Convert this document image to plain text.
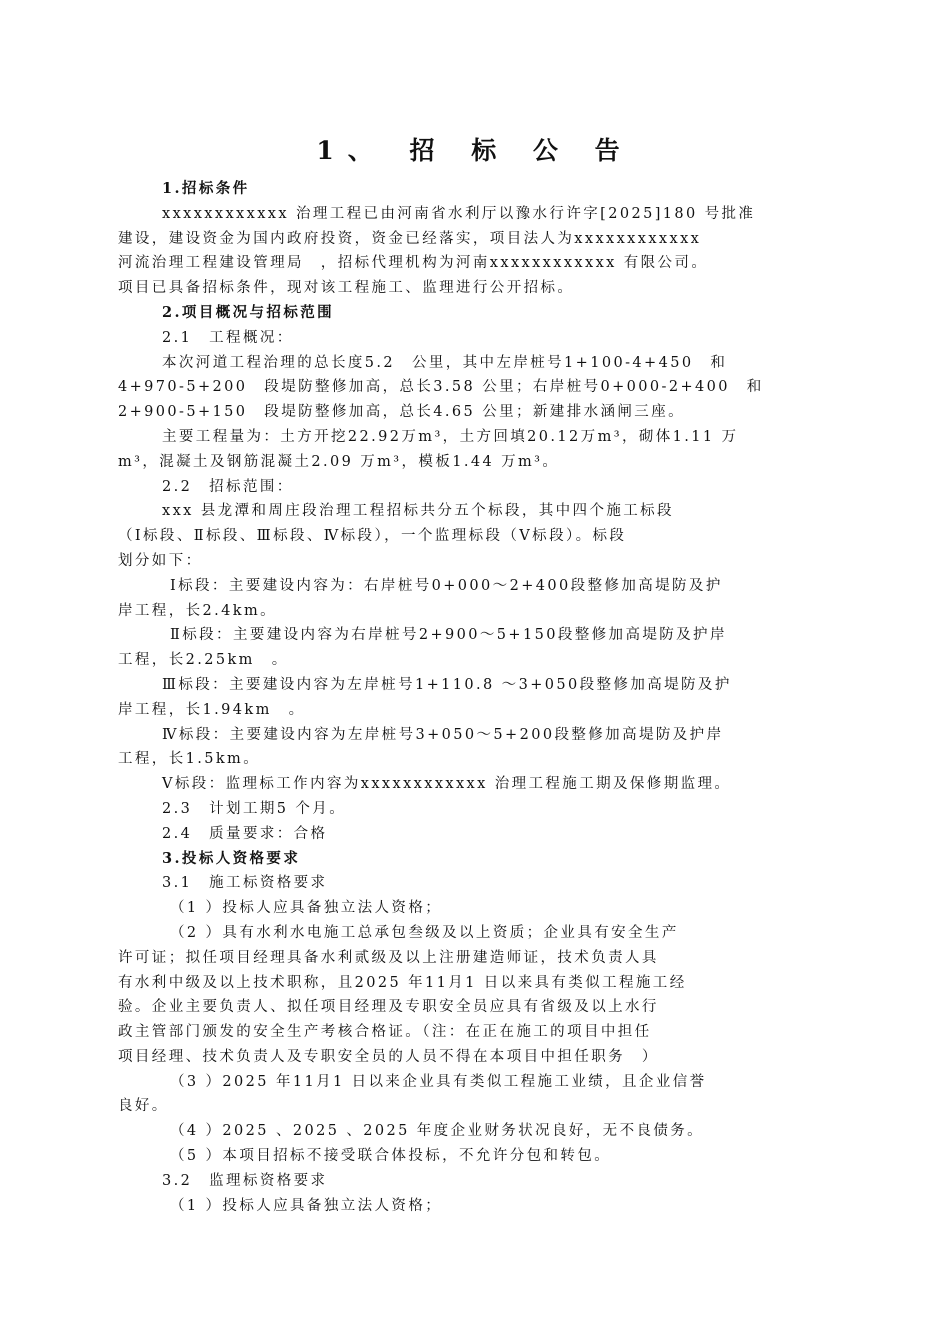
1、 招 标 公 告
1.招标条件
xxxxxxxxxxxx 治理工程已由河南省水利厅以豫水行许字[2025]180 号批准
建设，建设资金为国内政府投资，资金已经落实，项目法人为xxxxxxxxxxxx
河流治理工程建设管理局　，招标代理机构为河南xxxxxxxxxxxx 有限公司。
项目已具备招标条件，现对该工程施工、监理进行公开招标。
2.项目概况与招标范围
2.1　工程概况：
本次河道工程治理的总长度5.2　公里，其中左岸桩号1+100-4+450　和
4+970-5+200　段堤防整修加高，总长3.58 公里；右岸桩号0+000-2+400　和
2+900-5+150　段堤防整修加高，总长4.65 公里；新建排水涵闸三座。
主要工程量为：土方开挖22.92万m³，土方回填20.12万m³，砌体1.11 万
m³，混凝土及钢筋混凝土2.09 万m³，模板1.44 万m³。
2.2　招标范围：
xxx 县龙潭和周庄段治理工程招标共分五个标段，其中四个施工标段
（Ⅰ标段、Ⅱ标段、Ⅲ标段、Ⅳ标段），一个监理标段（Ⅴ标段）。标段
划分如下：
Ⅰ标段：主要建设内容为：右岸桩号0+000～2+400段整修加高堤防及护
岸工程，长2.4km。
Ⅱ标段：主要建设内容为右岸桩号2+900～5+150段整修加高堤防及护岸
工程，长2.25km　。
Ⅲ标段：主要建设内容为左岸桩号1+110.8 ～3+050段整修加高堤防及护
岸工程，长1.94km　。
Ⅳ标段：主要建设内容为左岸桩号3+050～5+200段整修加高堤防及护岸
工程，长1.5km。
Ⅴ标段：监理标工作内容为xxxxxxxxxxxx 治理工程施工期及保修期监理。
2.3　计划工期5 个月。
2.4　质量要求：合格
3.投标人资格要求
3.1　施工标资格要求
（1 ）投标人应具备独立法人资格；
（2 ）具有水利水电施工总承包叁级及以上资质；企业具有安全生产
许可证；拟任项目经理具备水利贰级及以上注册建造师证，技术负责人具
有水利中级及以上技术职称，且2025 年11月1 日以来具有类似工程施工经
验。企业主要负责人、拟任项目经理及专职安全员应具有省级及以上水行
政主管部门颁发的安全生产考核合格证。（注：在正在施工的项目中担任
项目经理、技术负责人及专职安全员的人员不得在本项目中担任职务　）
（3 ）2025 年11月1 日以来企业具有类似工程施工业绩，且企业信誉
良好。
（4 ）2025 、2025 、2025 年度企业财务状况良好，无不良债务。
（5 ）本项目招标不接受联合体投标，不允许分包和转包。
3.2　监理标资格要求
（1 ）投标人应具备独立法人资格；
